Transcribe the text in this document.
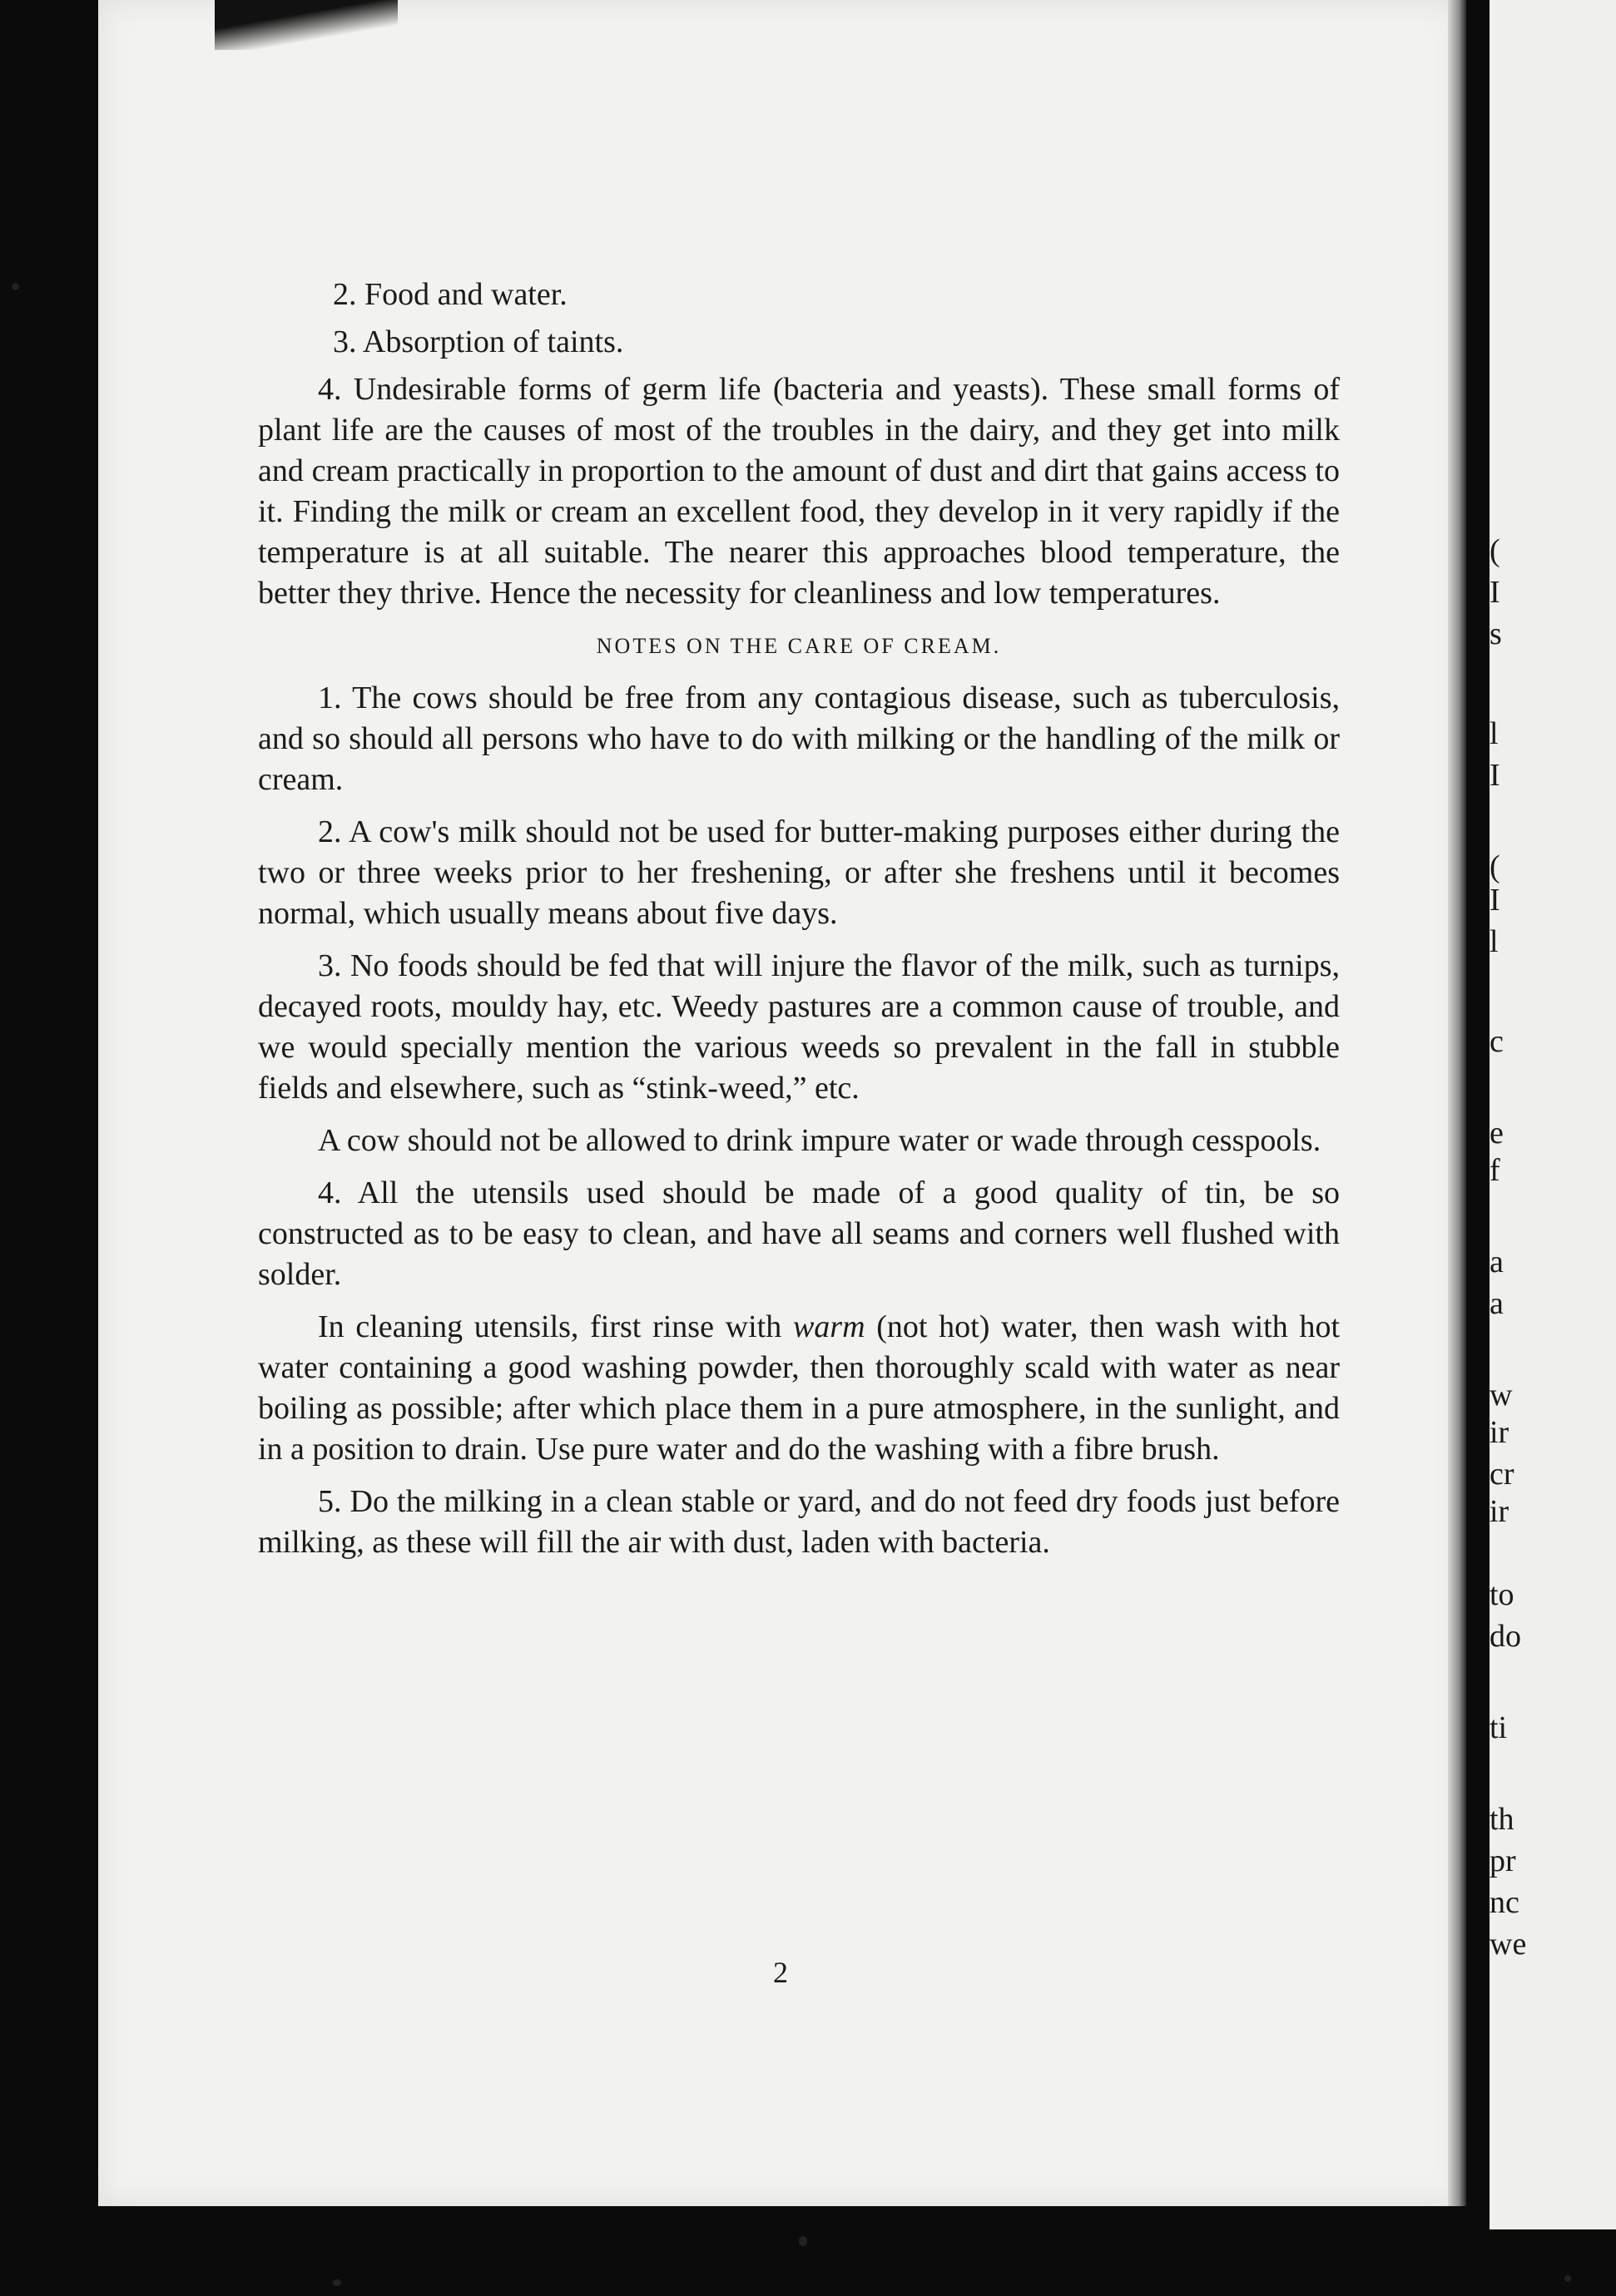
2
(
I
s
l
I
(
I
l
c
e
f
a
a
w
ir
cr
ir
to
do
ti
th
pr
nc
we

2. Food and water.

3. Absorption of taints.

4. Undesirable forms of germ life (bacteria and yeasts). These small forms of plant life are the causes of most of the troubles in the dairy, and they get into milk and cream practically in proportion to the amount of dust and dirt that gains access to it. Finding the milk or cream an excellent food, they develop in it very rapidly if the temperature is at all suitable. The nearer this approaches blood temperature, the better they thrive. Hence the necessity for cleanliness and low temperatures.

NOTES ON THE CARE OF CREAM.

1. The cows should be free from any contagious disease, such as tuberculosis, and so should all persons who have to do with milking or the handling of the milk or cream.

2. A cow's milk should not be used for butter-making purposes either during the two or three weeks prior to her freshening, or after she freshens until it becomes normal, which usually means about five days.

3. No foods should be fed that will injure the flavor of the milk, such as turnips, decayed roots, mouldy hay, etc. Weedy pastures are a common cause of trouble, and we would specially mention the various weeds so prevalent in the fall in stubble fields and elsewhere, such as “stink-weed,” etc.

A cow should not be allowed to drink impure water or wade through cesspools.

4. All the utensils used should be made of a good quality of tin, be so constructed as to be easy to clean, and have all seams and corners well flushed with solder.

In cleaning utensils, first rinse with warm (not hot) water, then wash with hot water containing a good washing powder, then thoroughly scald with water as near boiling as possible; after which place them in a pure atmosphere, in the sunlight, and in a position to drain. Use pure water and do the washing with a fibre brush.

5. Do the milking in a clean stable or yard, and do not feed dry foods just before milking, as these will fill the air with dust, laden with bacteria.
